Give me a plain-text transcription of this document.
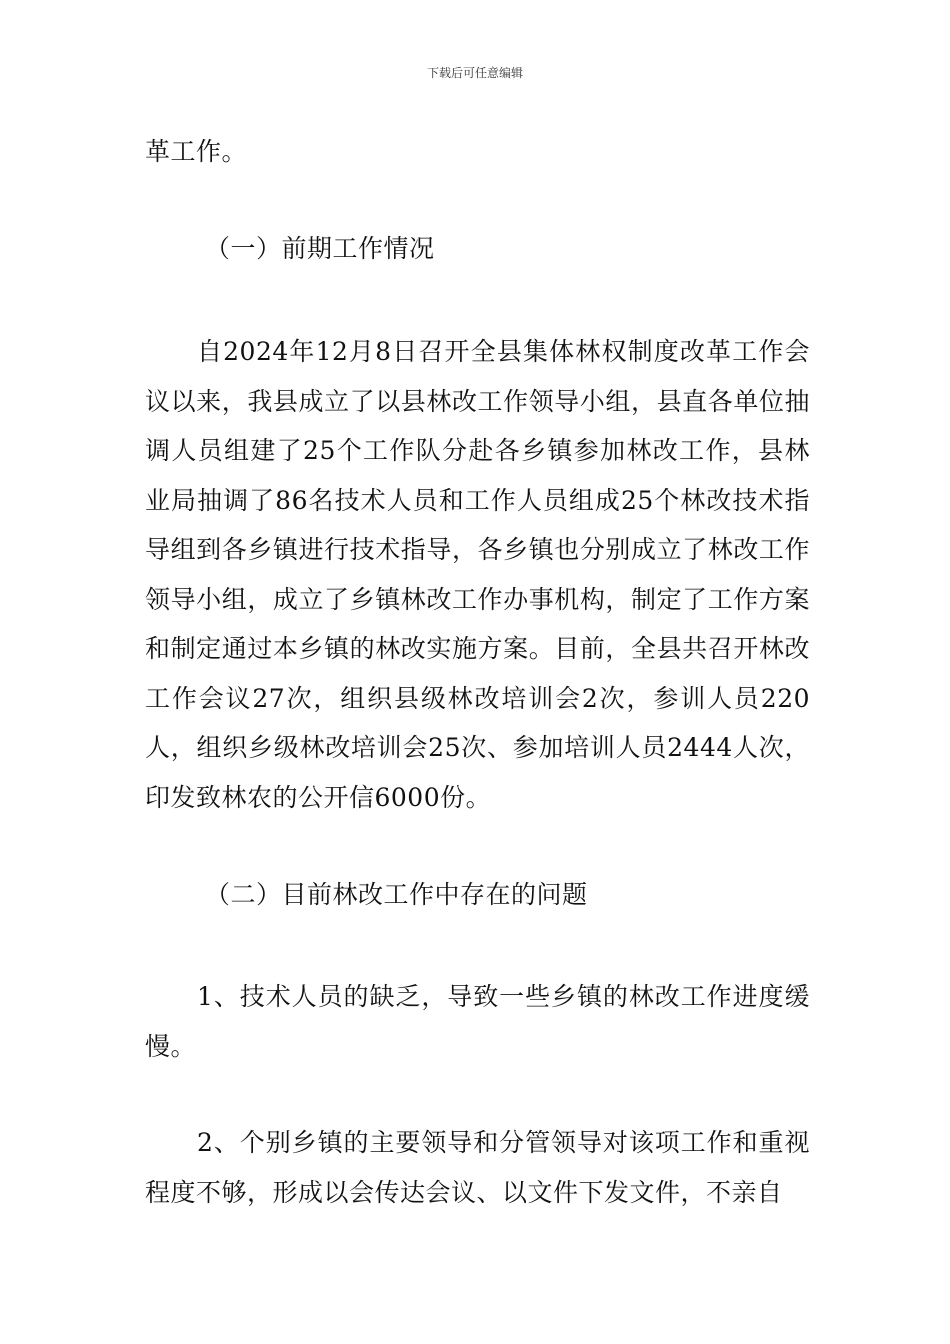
下载后可任意编辑

革工作。

（一）前期工作情况

自2024年12月8日召开全县集体林权制度改革工作会议以来，我县成立了以县林改工作领导小组，县直各单位抽调人员组建了25个工作队分赴各乡镇参加林改工作，县林业局抽调了86名技术人员和工作人员组成25个林改技术指导组到各乡镇进行技术指导，各乡镇也分别成立了林改工作领导小组，成立了乡镇林改工作办事机构，制定了工作方案和制定通过本乡镇的林改实施方案。目前，全县共召开林改工作会议27次，组织县级林改培训会2次，参训人员220人，组织乡级林改培训会25次、参加培训人员2444人次，印发致林农的公开信6000份。

（二）目前林改工作中存在的问题

1、技术人员的缺乏，导致一些乡镇的林改工作进度缓慢。

2、个别乡镇的主要领导和分管领导对该项工作和重视程度不够，形成以会传达会议、以文件下发文件，不亲自
